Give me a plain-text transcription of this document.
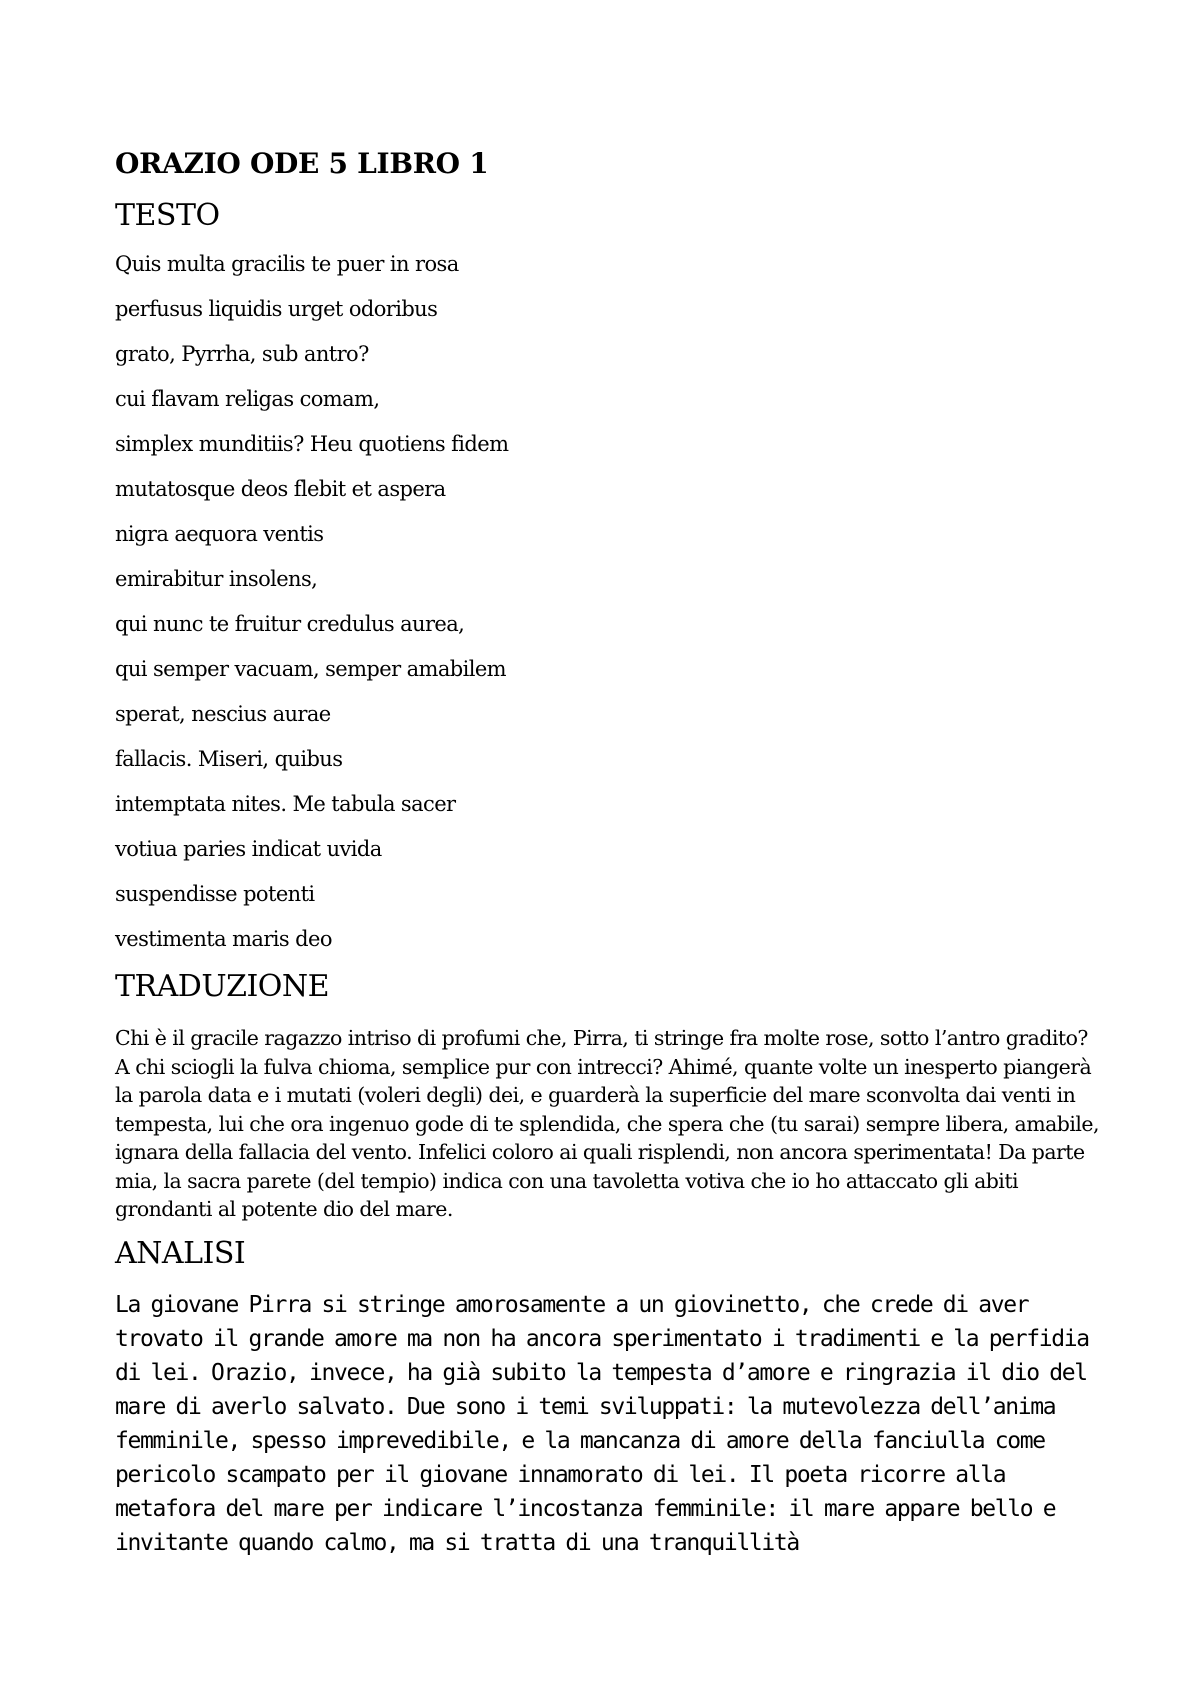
ORAZIO ODE 5 LIBRO 1
TESTO
Quis multa gracilis te puer in rosa
perfusus liquidis urget odoribus
grato, Pyrrha, sub antro?
cui flavam religas comam,
simplex munditiis? Heu quotiens fidem
mutatosque deos flebit et aspera
nigra aequora ventis
emirabitur insolens,
qui nunc te fruitur credulus aurea,
qui semper vacuam, semper amabilem
sperat, nescius aurae
fallacis. Miseri, quibus
intemptata nites. Me tabula sacer
votiua paries indicat uvida
suspendisse potenti
vestimenta maris deo
TRADUZIONE

Chi è il gracile ragazzo intriso di profumi che, Pirra, ti stringe fra molte rose, sotto l’antro gradito? A chi sciogli la fulva chioma, semplice pur con intrecci? Ahimé, quante volte un inesperto piangerà la parola data e i mutati (voleri degli) dei, e guarderà la superficie del mare sconvolta dai venti in tempesta, lui che ora ingenuo gode di te splendida, che spera che (tu sarai) sempre libera, amabile, ignara della fallacia del vento. Infelici coloro ai quali risplendi, non ancora sperimentata! Da parte mia, la sacra parete (del tempio) indica con una tavoletta votiva che io ho attaccato gli abiti grondanti al potente dio del mare.

ANALISI

La giovane Pirra si stringe amorosamente a un giovinetto, che crede di aver trovato il grande amore ma non ha ancora sperimentato i tradimenti e la perfidia di lei. Orazio, invece, ha già subito la tempesta d’amore e ringrazia il dio del mare di averlo salvato. Due sono i temi sviluppati: la mutevolezza dell’anima femminile, spesso imprevedibile, e la mancanza di amore della fanciulla come pericolo scampato per il giovane innamorato di lei. Il poeta ricorre alla metafora del mare per indicare l’incostanza femminile: il mare appare bello e invitante quando calmo, ma si tratta di una tranquillità
